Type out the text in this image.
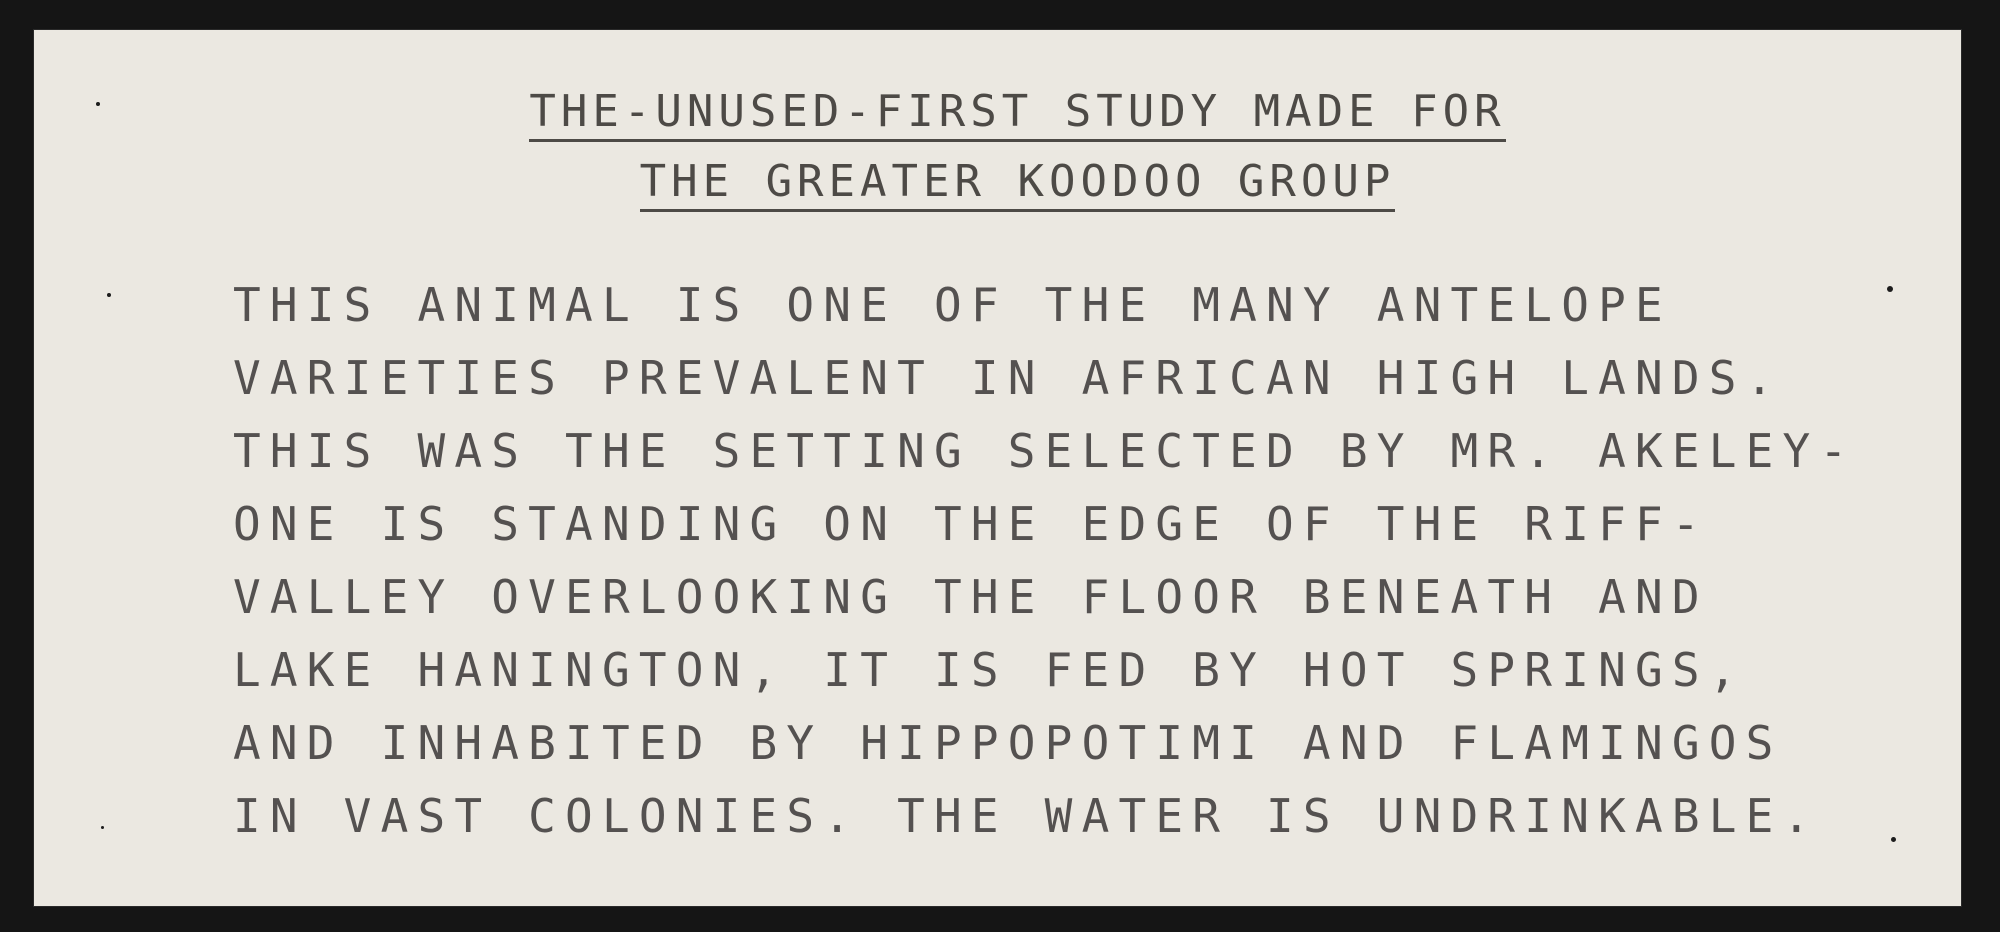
THE-UNUSED-FIRST STUDY MADE FOR
THE GREATER KOODOO GROUP
THIS ANIMAL IS ONE OF THE MANY ANTELOPE
VARIETIES PREVALENT IN AFRICAN HIGH LANDS.
THIS WAS THE SETTING SELECTED BY MR. AKELEY-
ONE IS STANDING ON THE EDGE OF THE RIFF-
VALLEY OVERLOOKING THE FLOOR BENEATH AND
LAKE HANINGTON, IT IS FED BY HOT SPRINGS,
AND INHABITED BY HIPPOPOTIMI AND FLAMINGOS
IN VAST COLONIES. THE WATER IS UNDRINKABLE.
